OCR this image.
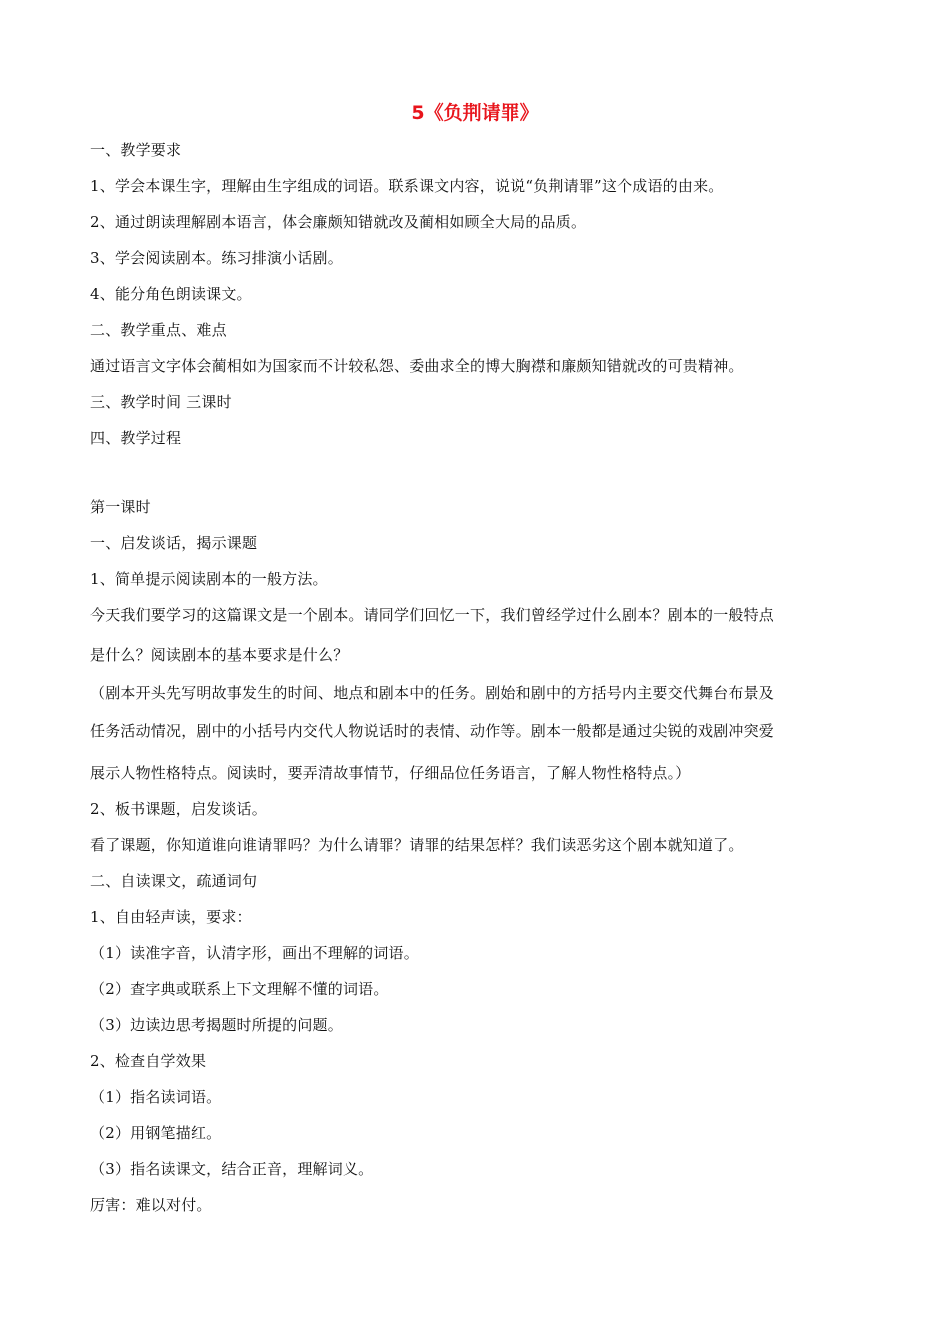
5《负荆请罪》
一、教学要求
1、学会本课生字，理解由生字组成的词语。联系课文内容，说说“负荆请罪”这个成语的由来。
2、通过朗读理解剧本语言，体会廉颇知错就改及蔺相如顾全大局的品质。
3、学会阅读剧本。练习排演小话剧。
4、能分角色朗读课文。
二、教学重点、难点
通过语言文字体会蔺相如为国家而不计较私怨、委曲求全的博大胸襟和廉颇知错就改的可贵精神。
三、教学时间 三课时
四、教学过程
第一课时
一、启发谈话，揭示课题
1、简单提示阅读剧本的一般方法。
今天我们要学习的这篇课文是一个剧本。请同学们回忆一下，我们曾经学过什么剧本？剧本的一般特点
是什么？阅读剧本的基本要求是什么？
（剧本开头先写明故事发生的时间、地点和剧本中的任务。剧始和剧中的方括号内主要交代舞台布景及
任务活动情况，剧中的小括号内交代人物说话时的表情、动作等。剧本一般都是通过尖锐的戏剧冲突爱
展示人物性格特点。阅读时，要弄清故事情节，仔细品位任务语言，了解人物性格特点。）
2、板书课题，启发谈话。
看了课题，你知道谁向谁请罪吗？为什么请罪？请罪的结果怎样？我们读恶劣这个剧本就知道了。
二、自读课文，疏通词句
1、自由轻声读，要求：
（1）读准字音，认清字形，画出不理解的词语。
（2）查字典或联系上下文理解不懂的词语。
（3）边读边思考揭题时所提的问题。
2、检查自学效果
（1）指名读词语。
（2）用钢笔描红。
（3）指名读课文，结合正音，理解词义。
厉害：难以对付。
